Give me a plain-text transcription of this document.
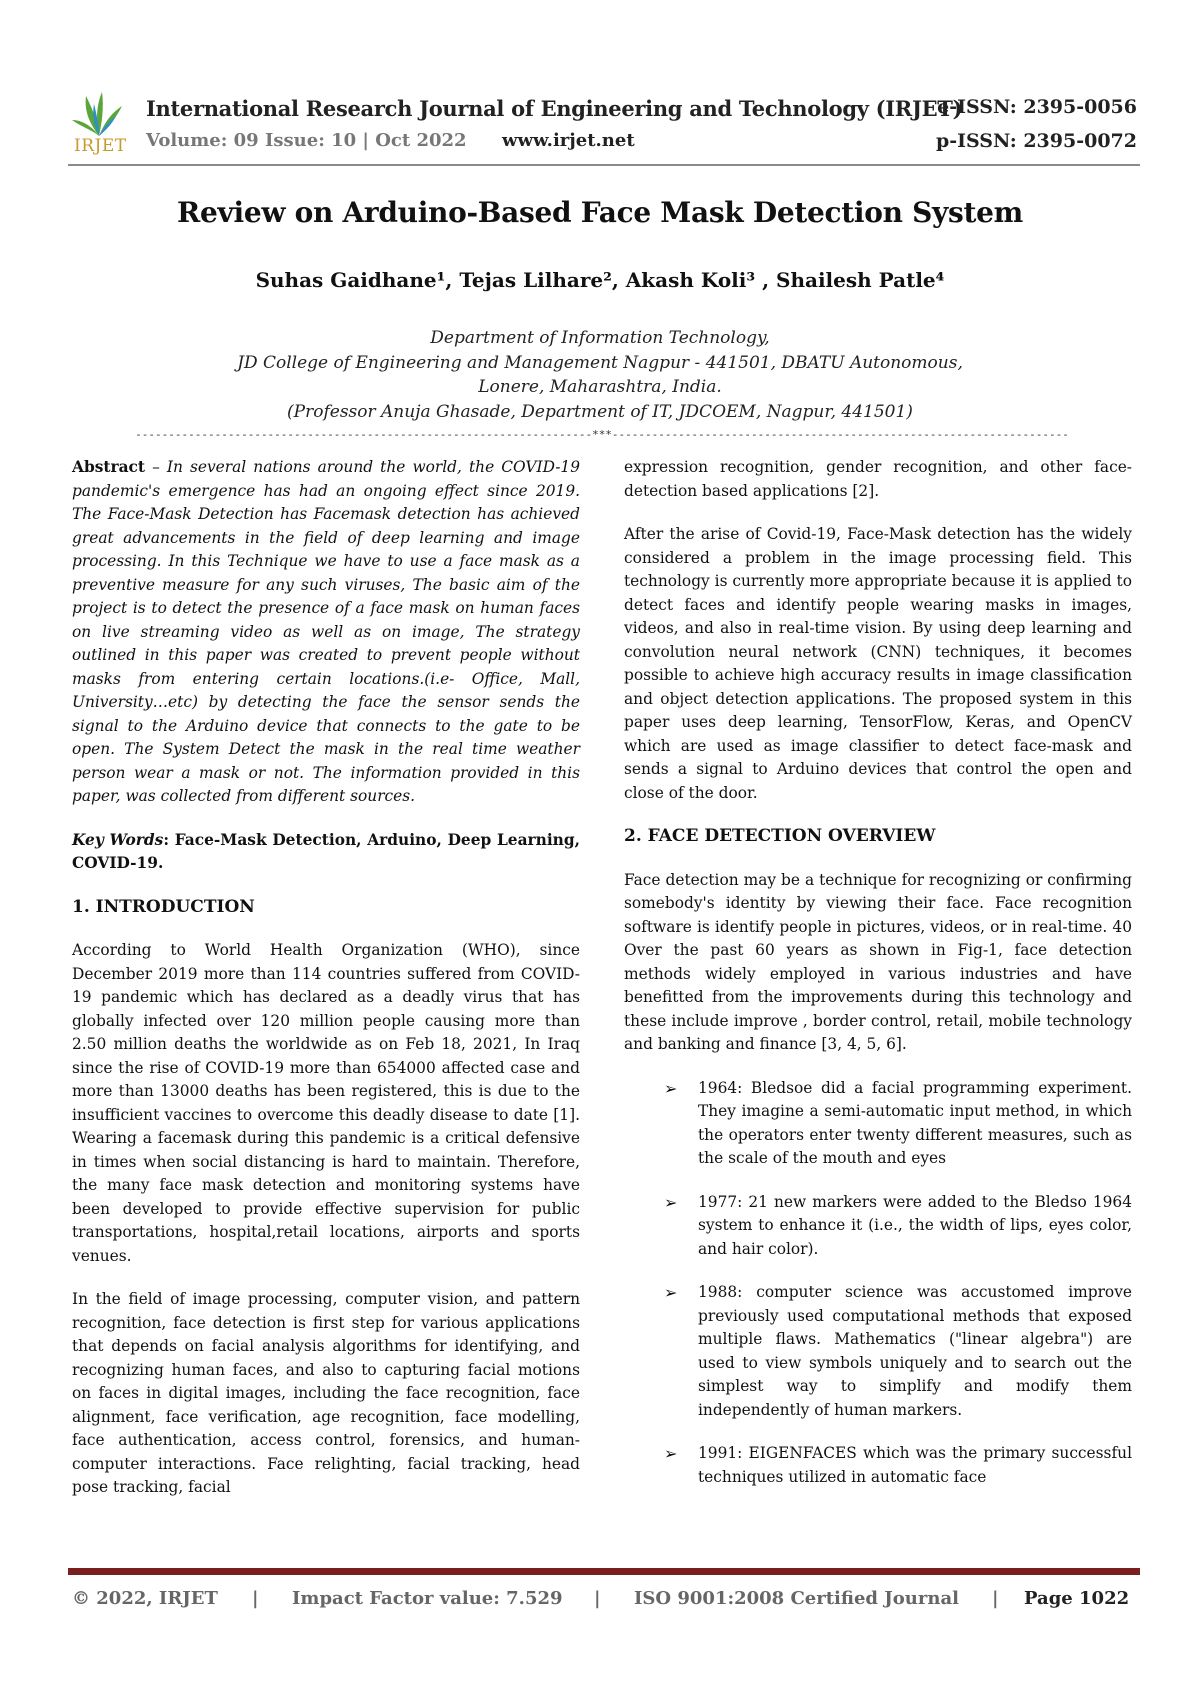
IRJET
International Research Journal of Engineering and Technology (IRJET)
e-ISSN: 2395-0056
Volume: 09 Issue: 10 | Oct 2022 www.irjet.net	p-ISSN: 2395-0072
Review on Arduino-Based Face Mask Detection System
Suhas Gaidhane¹, Tejas Lilhare², Akash Koli³ , Shailesh Patle⁴
Department of Information Technology,
JD College of Engineering and Management Nagpur - 441501, DBATU Autonomous,
Lonere, Maharashtra, India.
(Professor Anuja Ghasade, Department of IT, JDCOEM, Nagpur, 441501)
---------------------------------------------------------------------***---------------------------------------------------------------------

Abstract – In several nations around the world, the COVID-19 pandemic's emergence has had an ongoing effect since 2019. The Face-Mask Detection has Facemask detection has achieved great advancements in the field of deep learning and image processing. In this Technique we have to use a face mask as a preventive measure for any such viruses, The basic aim of the project is to detect the presence of a face mask on human faces on live streaming video as well as on image, The strategy outlined in this paper was created to prevent people without masks from entering certain locations.(i.e- Office, Mall, University…etc) by detecting the face the sensor sends the signal to the Arduino device that connects to the gate to be open. The System Detect the mask in the real time weather person wear a mask or not. The information provided in this paper, was collected from different sources.

Key Words: Face-Mask Detection, Arduino, Deep Learning, COVID-19.

1. INTRODUCTION

According to World Health Organization (WHO), since December 2019 more than 114 countries suffered from COVID-19 pandemic which has declared as a deadly virus that has globally infected over 120 million people causing more than 2.50 million deaths the worldwide as on Feb 18, 2021, In Iraq since the rise of COVID-19 more than 654000 affected case and more than 13000 deaths has been registered, this is due to the insufficient vaccines to overcome this deadly disease to date [1]. Wearing a facemask during this pandemic is a critical defensive in times when social distancing is hard to maintain. Therefore, the many face mask detection and monitoring systems have been developed to provide effective supervision for public transportations, hospital,retail locations, airports and sports venues.

In the field of image processing, computer vision, and pattern recognition, face detection is first step for various applications that depends on facial analysis algorithms for identifying, and recognizing human faces, and also to capturing facial motions on faces in digital images, including the face recognition, face alignment, face verification, age recognition, face modelling, face authentication, access control, forensics, and human-computer interactions. Face relighting, facial tracking, head pose tracking, facial

expression recognition, gender recognition, and other face-detection based applications [2].

After the arise of Covid-19, Face-Mask detection has the widely considered a problem in the image processing field. This technology is currently more appropriate because it is applied to detect faces and identify people wearing masks in images, videos, and also in real-time vision. By using deep learning and convolution neural network (CNN) techniques, it becomes possible to achieve high accuracy results in image classification and object detection applications. The proposed system in this paper uses deep learning, TensorFlow, Keras, and OpenCV which are used as image classifier to detect face-mask and sends a signal to Arduino devices that control the open and close of the door.

2. FACE DETECTION OVERVIEW

Face detection may be a technique for recognizing or confirming somebody's identity by viewing their face. Face recognition software is identify people in pictures, videos, or in real-time. 40 Over the past 60 years as shown in Fig-1, face detection methods widely employed in various industries and have benefitted from the improvements during this technology and these include improve , border control, retail, mobile technology and banking and finance [3, 4, 5, 6].

➢ 1964: Bledsoe did a facial programming experiment. They imagine a semi-automatic input method, in which the operators enter twenty different measures, such as the scale of the mouth and eyes
➢ 1977: 21 new markers were added to the Bledso 1964 system to enhance it (i.e., the width of lips, eyes color, and hair color).
➢ 1988: computer science was accustomed improve previously used computational methods that exposed multiple flaws. Mathematics ("linear algebra") are used to view symbols uniquely and to search out the simplest way to simplify and modify them independently of human markers.
➢ 1991: EIGENFACES which was the primary successful techniques utilized in automatic face
© 2022, IRJET | Impact Factor value: 7.529 | ISO 9001:2008 Certified Journal | Page 1022
